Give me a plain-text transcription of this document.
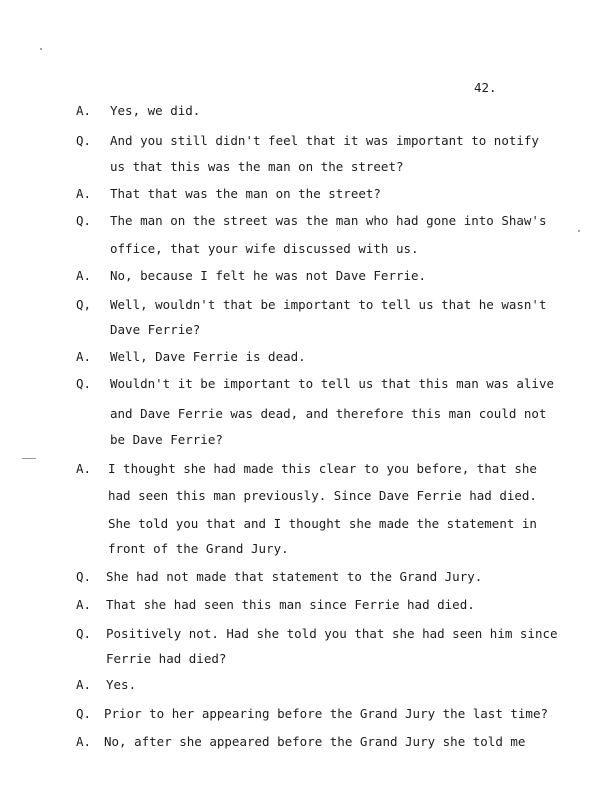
42.
A. Yes, we did.
Q. And you still didn't feel that it was important to notify
us that this was the man on the street?
A. That that was the man on the street?
Q. The man on the street was the man who had gone into Shaw's
office, that your wife discussed with us.
A. No, because I felt he was not Dave Ferrie.
Q, Well, wouldn't that be important to tell us that he wasn't
Dave Ferrie?
A. Well, Dave Ferrie is dead.
Q. Wouldn't it be important to tell us that this man was alive
and Dave Ferrie was dead, and therefore this man could not
be Dave Ferrie?
A. I thought she had made this clear to you before, that she
had seen this man previously. Since Dave Ferrie had died.
She told you that and I thought she made the statement in
front of the Grand Jury.
Q. She had not made that statement to the Grand Jury.
A. That she had seen this man since Ferrie had died.
Q. Positively not. Had she told you that she had seen him since
Ferrie had died?
A. Yes.
Q. Prior to her appearing before the Grand Jury the last time?
A. No, after she appeared before the Grand Jury she told me
